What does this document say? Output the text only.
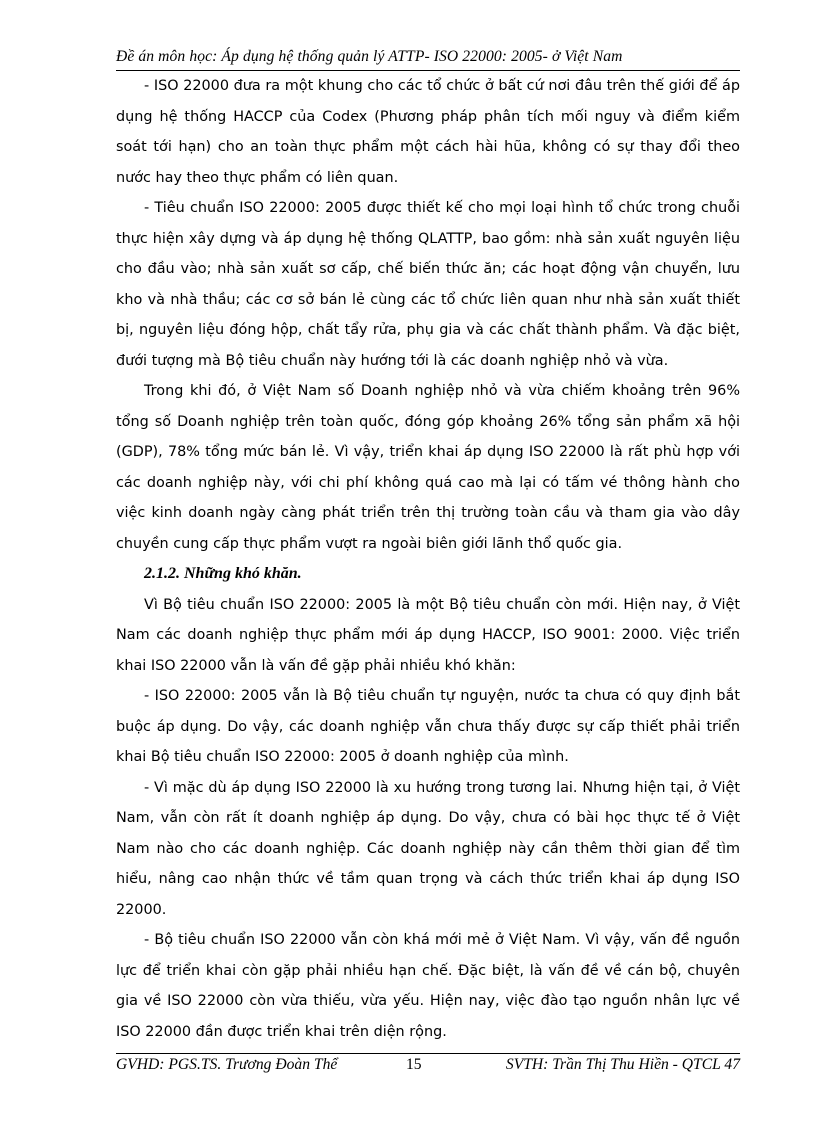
Đề án môn học: Áp dụng hệ thống quản lý ATTP- ISO 22000: 2005- ở Việt Nam

- ISO 22000 đưa ra một khung cho các tổ chức ở bất cứ nơi đâu trên thế giới để áp dụng hệ thống HACCP của Codex (Phương pháp phân tích mối nguy và điểm kiểm soát tới hạn) cho an toàn thực phẩm một cách hài hũa, không có sự thay đổi theo nước hay theo thực phẩm có liên quan.

- Tiêu chuẩn ISO 22000: 2005 được thiết kế cho mọi loại hình tổ chức trong chuỗi thực hiện xây dựng và áp dụng hệ thống QLATTP, bao gồm: nhà sản xuất nguyên liệu cho đầu vào; nhà sản xuất sơ cấp, chế biến thức ăn; các hoạt động vận chuyển, lưu kho và nhà thầu; các cơ sở bán lẻ cùng các tổ chức liên quan như nhà sản xuất thiết bị, nguyên liệu đóng hộp, chất tẩy rửa, phụ gia và các chất thành phẩm. Và đặc biệt, đưới tượng mà Bộ tiêu chuẩn này hướng tới là các doanh nghiệp nhỏ và vừa.

Trong khi đó, ở Việt Nam số Doanh nghiệp nhỏ và vừa chiếm khoảng trên 96% tổng số Doanh nghiệp trên toàn quốc, đóng góp khoảng 26% tổng sản phẩm xã hội (GDP), 78% tổng mức bán lẻ. Vì vậy, triển khai áp dụng ISO 22000 là rất phù hợp với các doanh nghiệp này, với chi phí không quá cao mà lại có tấm vé thông hành cho việc kinh doanh ngày càng phát triển trên thị trường toàn cầu và tham gia vào dây chuyền cung cấp thực phẩm vượt ra ngoài biên giới lãnh thổ quốc gia.

2.1.2. Những khó khăn.

Vì Bộ tiêu chuẩn ISO 22000: 2005 là một Bộ tiêu chuẩn còn mới. Hiện nay, ở Việt Nam các doanh nghiệp thực phẩm mới áp dụng HACCP, ISO 9001: 2000. Việc triển khai ISO 22000 vẫn là vấn đề gặp phải nhiều khó khăn:

- ISO 22000: 2005 vẫn là Bộ tiêu chuẩn tự nguyện, nước ta chưa có quy định bắt buộc áp dụng. Do vậy, các doanh nghiệp vẫn chưa thấy được sự cấp thiết phải triển khai Bộ tiêu chuẩn ISO 22000: 2005 ở doanh nghiệp của mình.

- Vì mặc dù áp dụng ISO 22000 là xu hướng trong tương lai. Nhưng hiện tại, ở Việt Nam, vẫn còn rất ít doanh nghiệp áp dụng. Do vậy, chưa có bài học thực tế ở Việt Nam nào cho các doanh nghiệp. Các doanh nghiệp này cần thêm thời gian để tìm hiểu, nâng cao nhận thức về tầm quan trọng và cách thức triển khai áp dụng ISO 22000.

- Bộ tiêu chuẩn ISO 22000 vẫn còn khá mới mẻ ở Việt Nam. Vì vậy, vấn đề nguồn lực để triển khai còn gặp phải nhiều hạn chế. Đặc biệt, là vấn đề về cán bộ, chuyên gia về ISO 22000 còn vừa thiếu, vừa yếu. Hiện nay, việc đào tạo nguồn nhân lực về ISO 22000 đần được triển khai trên diện rộng.

GVHD: PGS.TS. Trương Đoàn Thể	15	SVTH: Trần Thị Thu Hiền - QTCL 47
